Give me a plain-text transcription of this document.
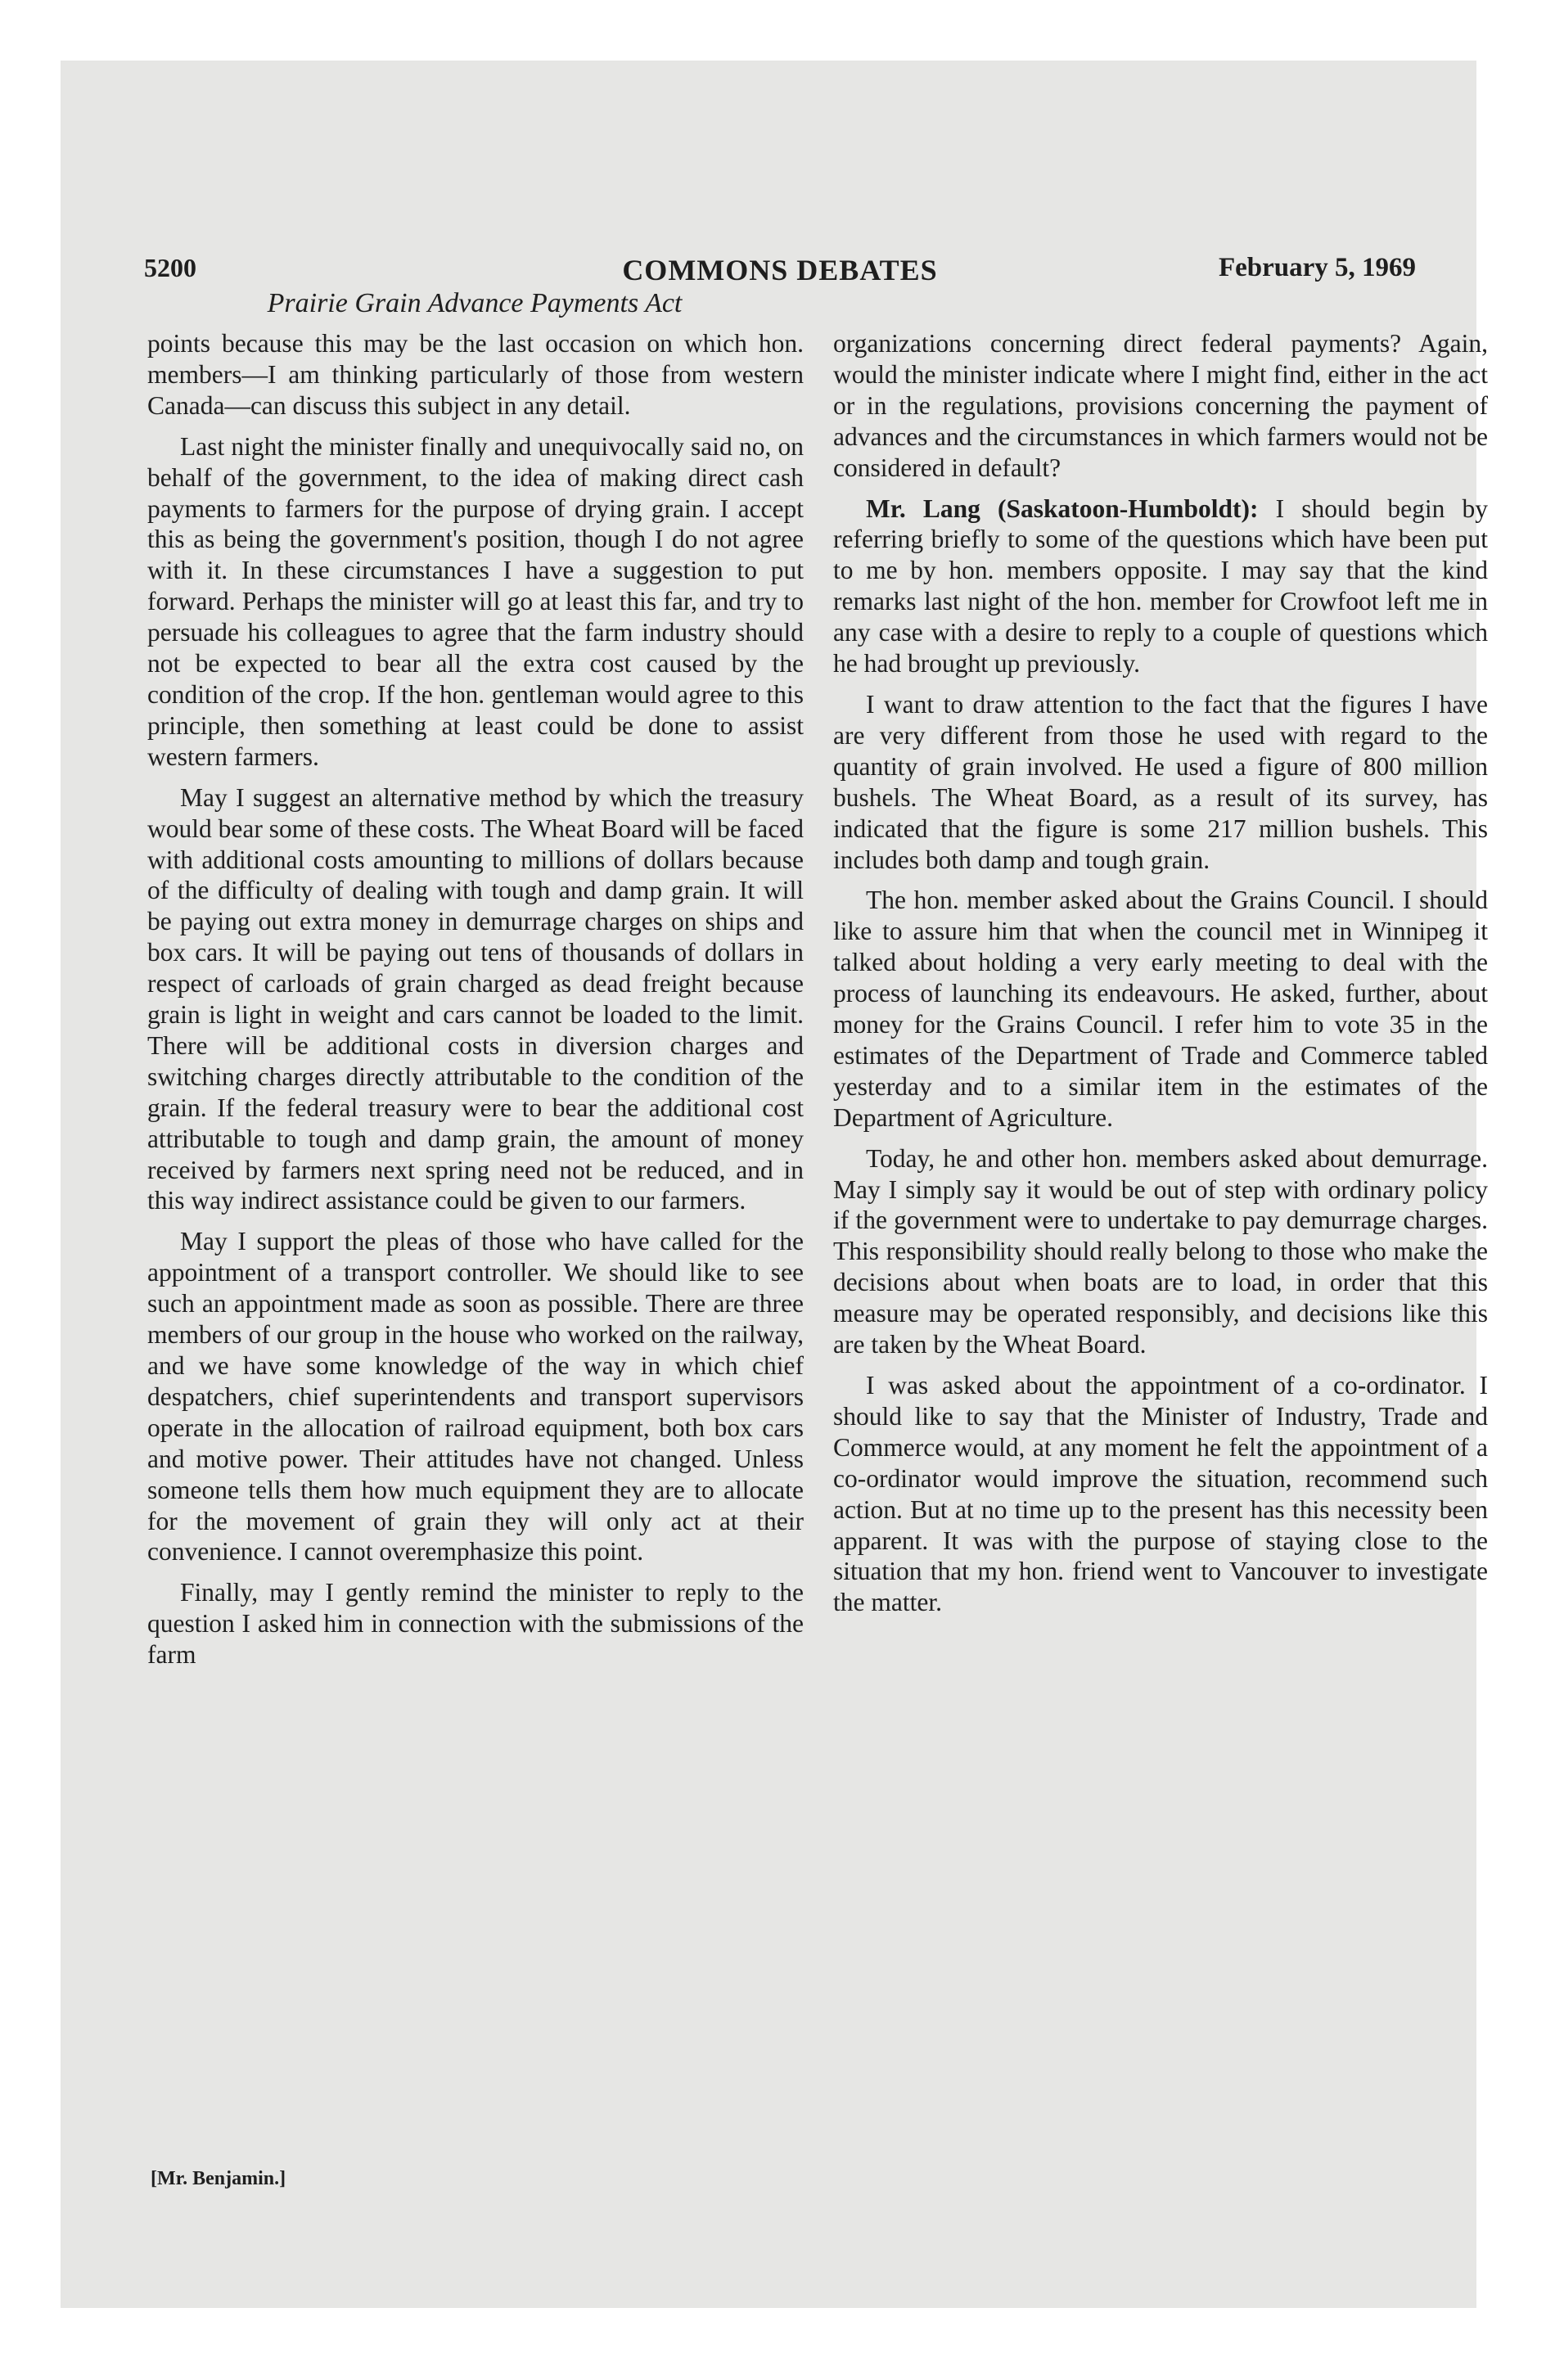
5200	COMMONS DEBATES	February 5, 1969
Prairie Grain Advance Payments Act

points because this may be the last occasion on which hon. members—I am thinking particularly of those from western Canada—can discuss this subject in any detail.

Last night the minister finally and unequivocally said no, on behalf of the government, to the idea of making direct cash payments to farmers for the purpose of drying grain. I accept this as being the government's position, though I do not agree with it. In these circumstances I have a suggestion to put forward. Perhaps the minister will go at least this far, and try to persuade his colleagues to agree that the farm industry should not be expected to bear all the extra cost caused by the condition of the crop. If the hon. gentleman would agree to this principle, then something at least could be done to assist western farmers.

May I suggest an alternative method by which the treasury would bear some of these costs. The Wheat Board will be faced with additional costs amounting to millions of dollars because of the difficulty of dealing with tough and damp grain. It will be paying out extra money in demurrage charges on ships and box cars. It will be paying out tens of thousands of dollars in respect of carloads of grain charged as dead freight because grain is light in weight and cars cannot be loaded to the limit. There will be additional costs in diversion charges and switching charges directly attributable to the condition of the grain. If the federal treasury were to bear the additional cost attributable to tough and damp grain, the amount of money received by farmers next spring need not be reduced, and in this way indirect assistance could be given to our farmers.

May I support the pleas of those who have called for the appointment of a transport controller. We should like to see such an appointment made as soon as possible. There are three members of our group in the house who worked on the railway, and we have some knowledge of the way in which chief despatchers, chief superintendents and transport supervisors operate in the allocation of railroad equipment, both box cars and motive power. Their attitudes have not changed. Unless someone tells them how much equipment they are to allocate for the movement of grain they will only act at their convenience. I cannot overemphasize this point.

Finally, may I gently remind the minister to reply to the question I asked him in connection with the submissions of the farm

organizations concerning direct federal payments? Again, would the minister indicate where I might find, either in the act or in the regulations, provisions concerning the payment of advances and the circumstances in which farmers would not be considered in default?

Mr. Lang (Saskatoon-Humboldt): I should begin by referring briefly to some of the questions which have been put to me by hon. members opposite. I may say that the kind remarks last night of the hon. member for Crowfoot left me in any case with a desire to reply to a couple of questions which he had brought up previously.

I want to draw attention to the fact that the figures I have are very different from those he used with regard to the quantity of grain involved. He used a figure of 800 million bushels. The Wheat Board, as a result of its survey, has indicated that the figure is some 217 million bushels. This includes both damp and tough grain.

The hon. member asked about the Grains Council. I should like to assure him that when the council met in Winnipeg it talked about holding a very early meeting to deal with the process of launching its endeavours. He asked, further, about money for the Grains Council. I refer him to vote 35 in the estimates of the Department of Trade and Commerce tabled yesterday and to a similar item in the estimates of the Department of Agriculture.

Today, he and other hon. members asked about demurrage. May I simply say it would be out of step with ordinary policy if the government were to undertake to pay demurrage charges. This responsibility should really belong to those who make the decisions about when boats are to load, in order that this measure may be operated responsibly, and decisions like this are taken by the Wheat Board.

I was asked about the appointment of a co-ordinator. I should like to say that the Minister of Industry, Trade and Commerce would, at any moment he felt the appointment of a co-ordinator would improve the situation, recommend such action. But at no time up to the present has this necessity been apparent. It was with the purpose of staying close to the situation that my hon. friend went to Vancouver to investigate the matter.

[Mr. Benjamin.]
